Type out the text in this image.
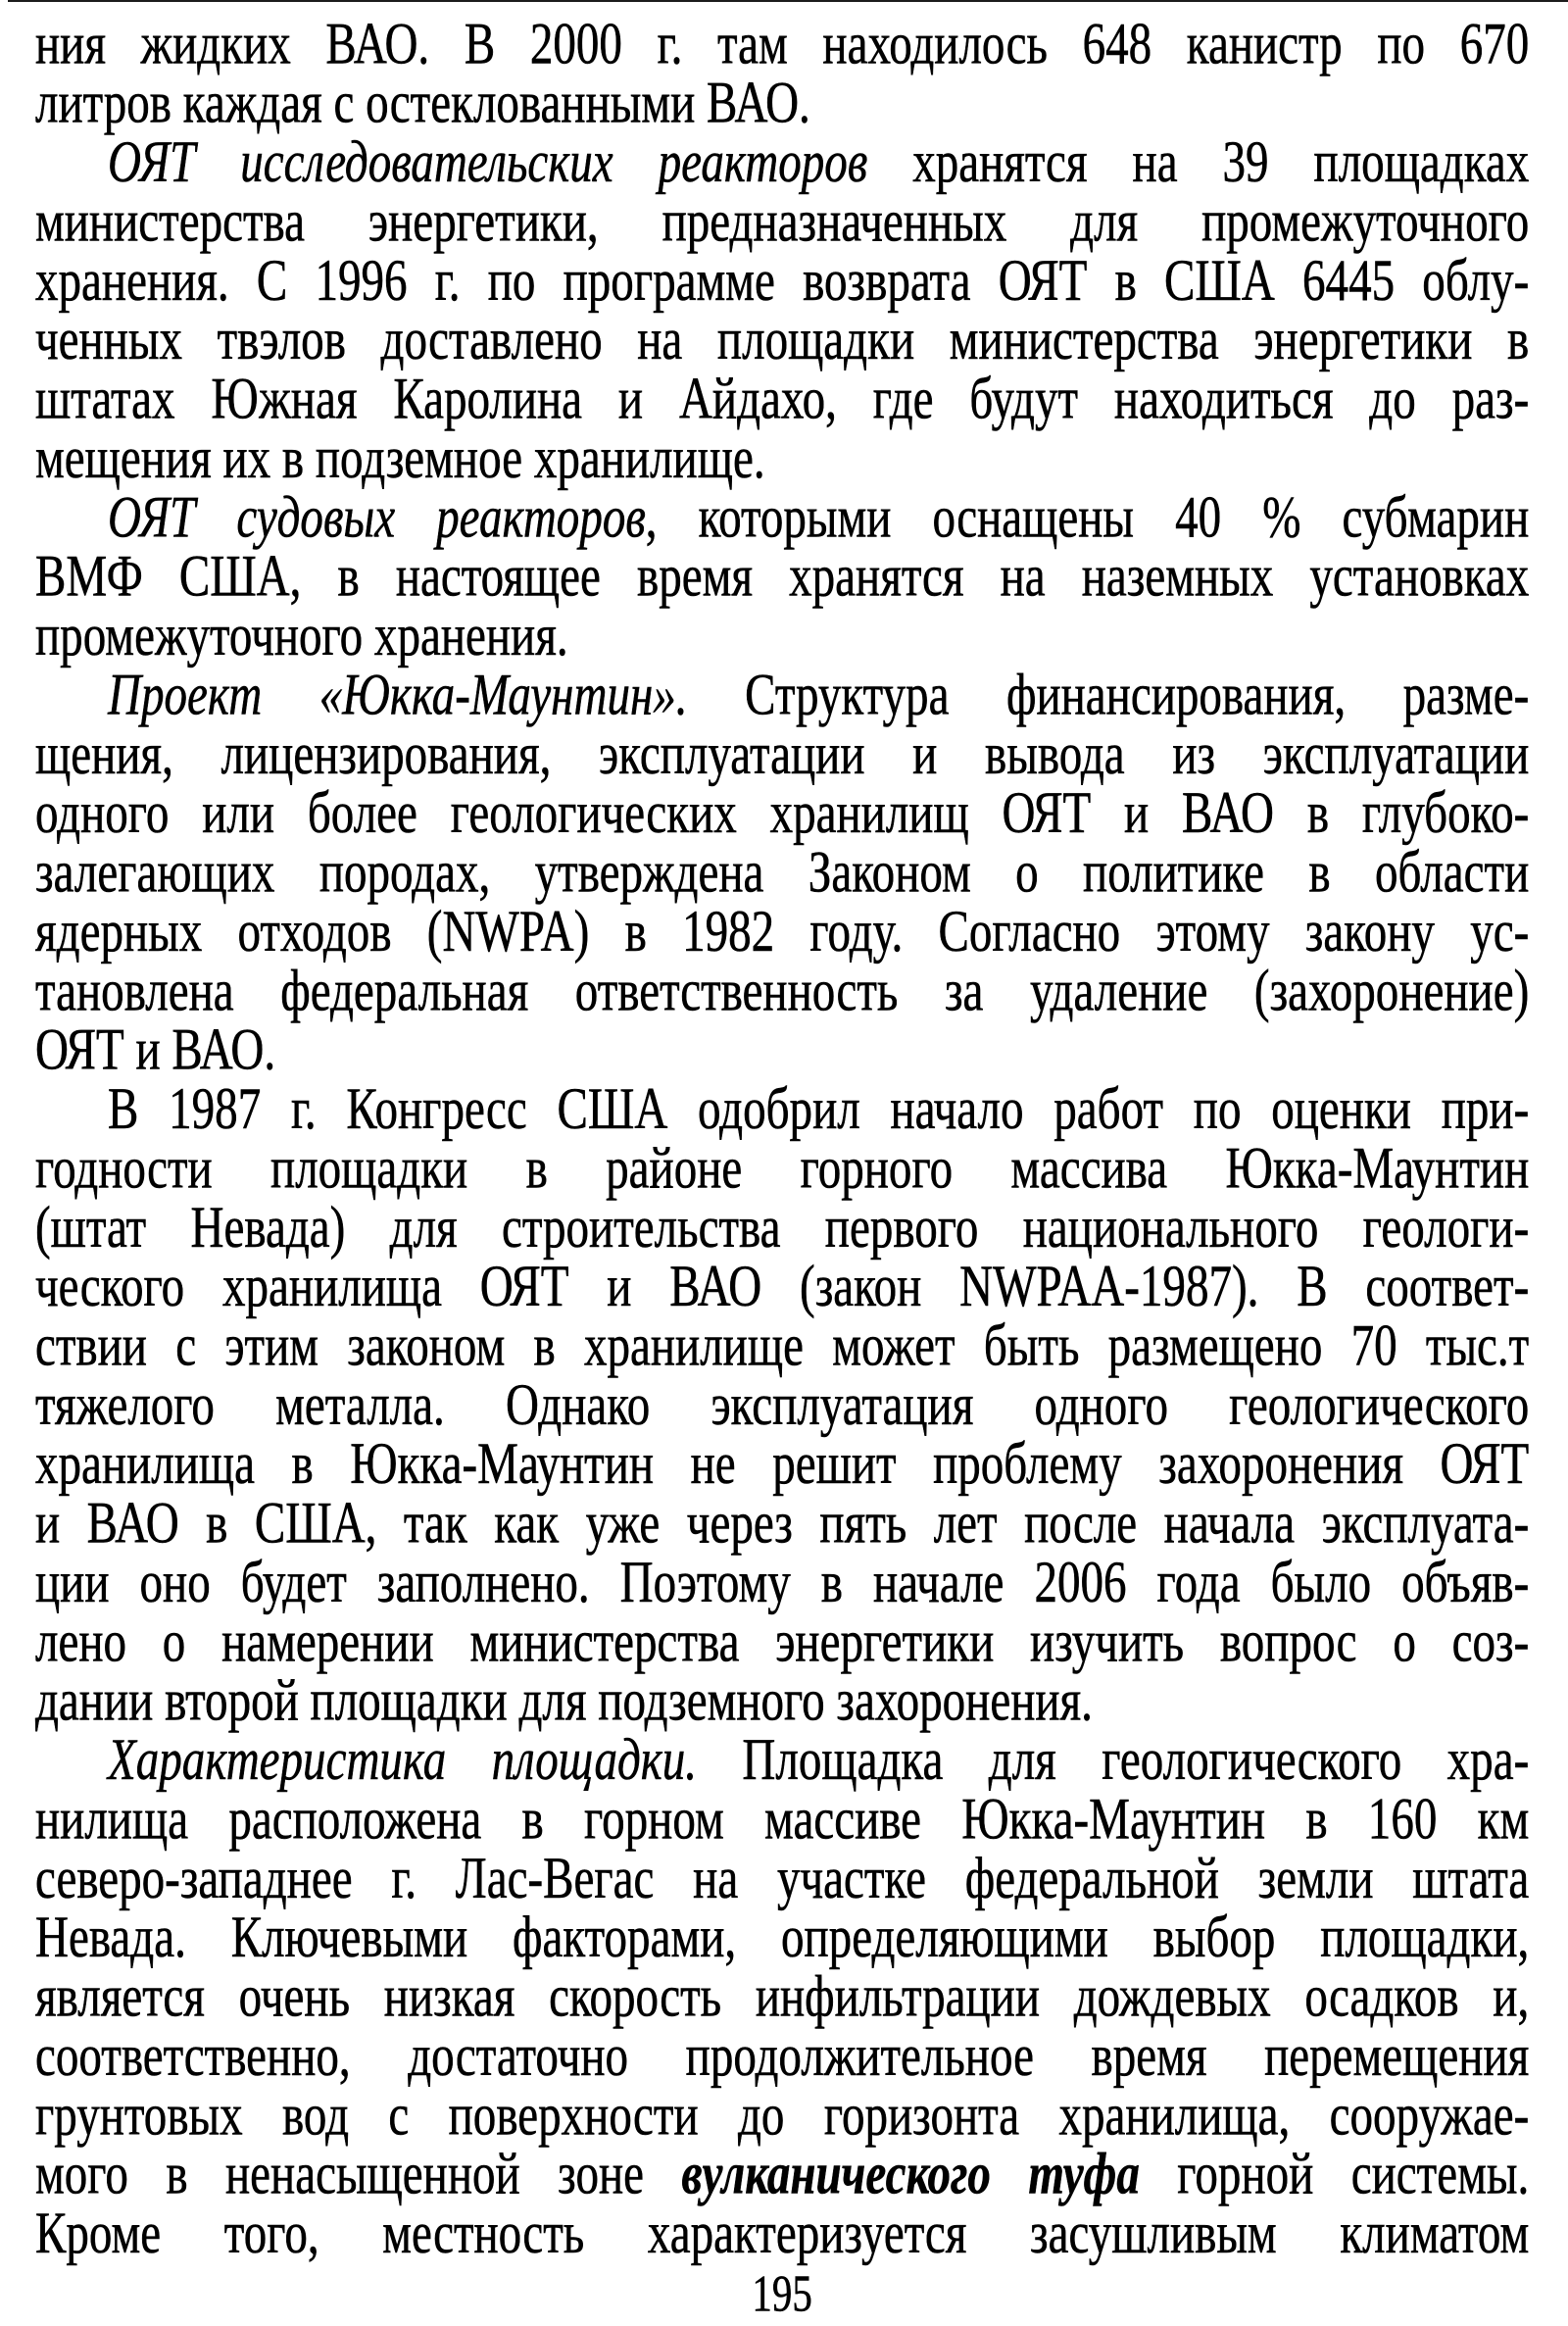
ния жидких ВАО. В 2000 г. там находилось 648 канистр по 670
литров каждая с остеклованными ВАО.
ОЯТ исследовательских реакторов хранятся на 39 площадках
министерства энергетики, предназначенных для промежуточного
хранения. С 1996 г. по программе возврата ОЯТ в США 6445 облу-
ченных твэлов доставлено на площадки министерства энергетики в
штатах Южная Каролина и Айдахо, где будут находиться до раз-
мещения их в подземное хранилище.
ОЯТ судовых реакторов, которыми оснащены 40 % субмарин
ВМФ США, в настоящее время хранятся на наземных установках
промежуточного хранения.
Проект «Юкка-Маунтин». Структура финансирования, разме-
щения, лицензирования, эксплуатации и вывода из эксплуатации
одного или более геологических хранилищ ОЯТ и ВАО в глубоко-
залегающих породах, утверждена Законом о политике в области
ядерных отходов (NWPA) в 1982 году. Согласно этому закону ус-
тановлена федеральная ответственность за удаление (захоронение)
ОЯТ и ВАО.
В 1987 г. Конгресс США одобрил начало работ по оценки при-
годности площадки в районе горного массива Юкка-Маунтин
(штат Невада) для строительства первого национального геологи-
ческого хранилища ОЯТ и ВАО (закон NWPAA-1987). В соответ-
ствии с этим законом в хранилище может быть размещено 70 тыс.т
тяжелого металла. Однако эксплуатация одного геологического
хранилища в Юкка-Маунтин не решит проблему захоронения ОЯТ
и ВАО в США, так как уже через пять лет после начала эксплуата-
ции оно будет заполнено. Поэтому в начале 2006 года было объяв-
лено о намерении министерства энергетики изучить вопрос о соз-
дании второй площадки для подземного захоронения.
Характеристика площадки. Площадка для геологического хра-
нилища расположена в горном массиве Юкка-Маунтин в 160 км
северо-западнее г. Лас-Вегас на участке федеральной земли штата
Невада. Ключевыми факторами, определяющими выбор площадки,
является очень низкая скорость инфильтрации дождевых осадков и,
соответственно, достаточно продолжительное время перемещения
грунтовых вод с поверхности до горизонта хранилища, сооружае-
мого в ненасыщенной зоне вулканического туфа горной системы.
Кроме того, местность характеризуется засушливым климатом
195
